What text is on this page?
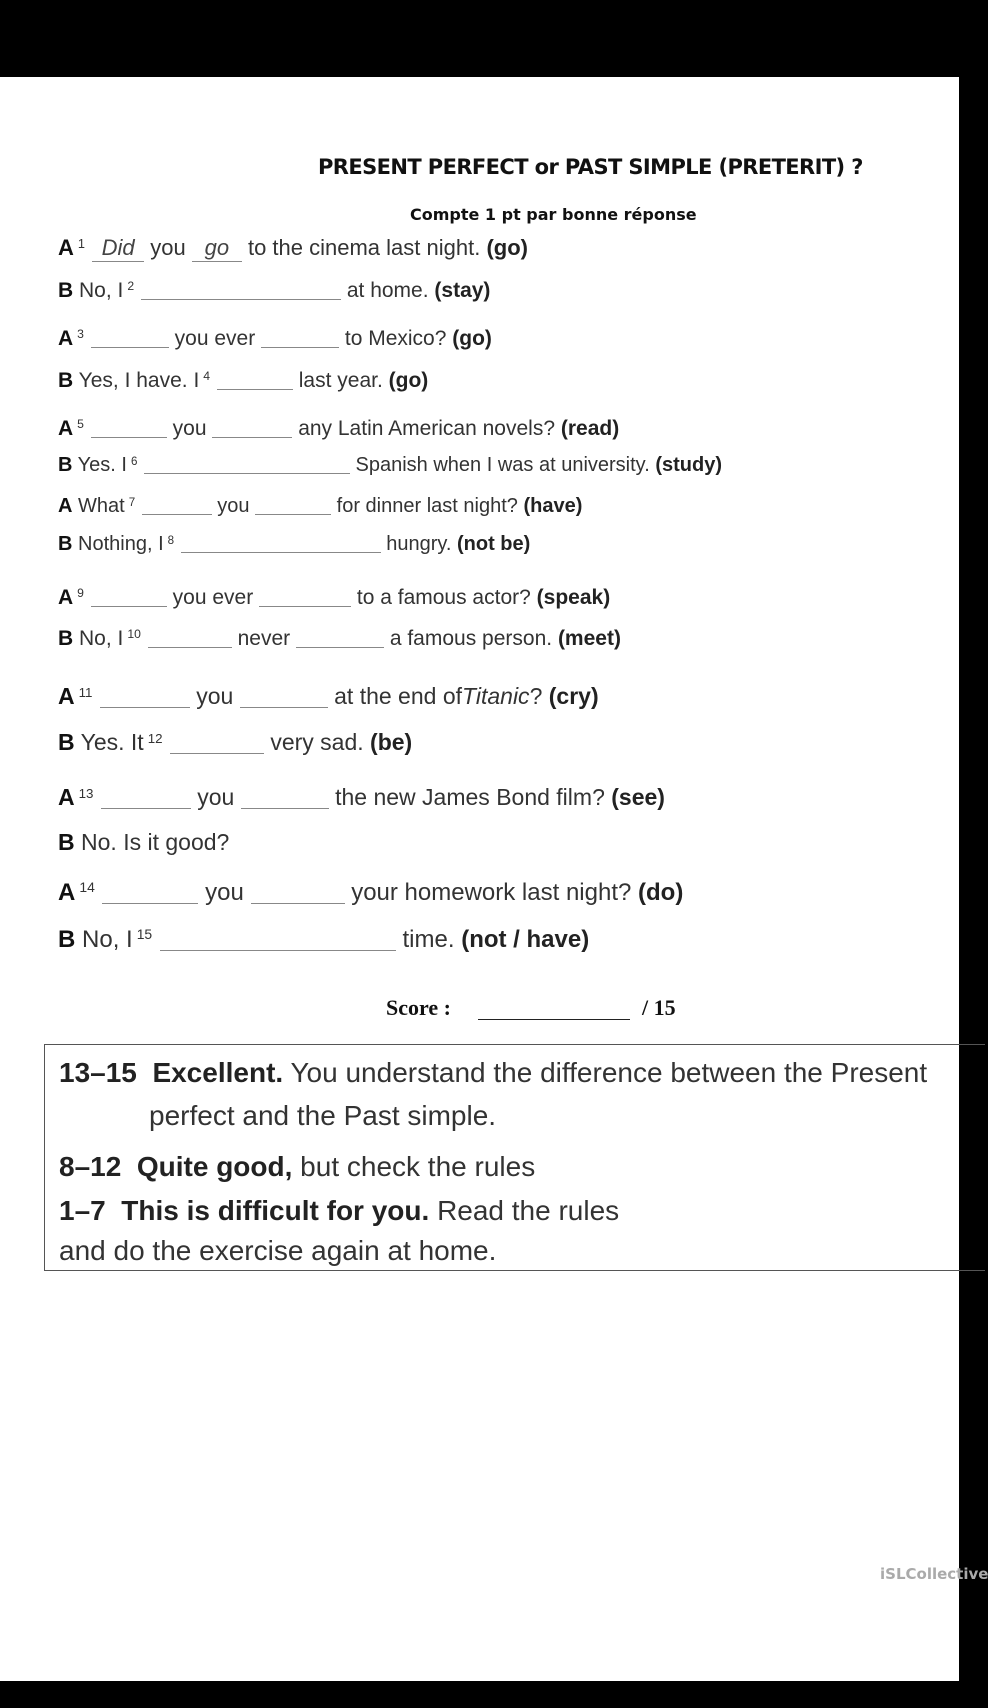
PRESENT PERFECT or PAST SIMPLE (PRETERIT) ?
Compte 1 pt par bonne réponse
A $^1$ Did you go to the cinema last night. (go)
B No, I $^2$	at home. (stay)
A $^3$	you ever	to Mexico? (go)
B Yes, I have. I $^4$	last year. (go)
A $^5$	you	any Latin American novels? (read)
B Yes. I $^6$	Spanish when I was at university. (study)
A What $^7$	you	for dinner last night? (have)
B Nothing, I $^8$	hungry. (not be)
A $^9$	you ever	to a famous actor? (speak)
B No, I $^{10}$	never	a famous person. (meet)
A $^{11}$	you	at the end ofTitanic? (cry)
B Yes. It $^{12}$	very sad. (be)
A $^{13}$	you	the new James Bond film? (see)
B No. Is it good?
A $^{14}$	you	your homework last night? (do)
B No, I $^{15}$	time. (not / have)
Score :	/ 15
13–15 Excellent. You understand the difference between the Present
perfect and the Past simple.
8–12 Quite good, but check the rules
1–7 This is difficult for you. Read the rules
and do the exercise again at home.
iSLCollective
